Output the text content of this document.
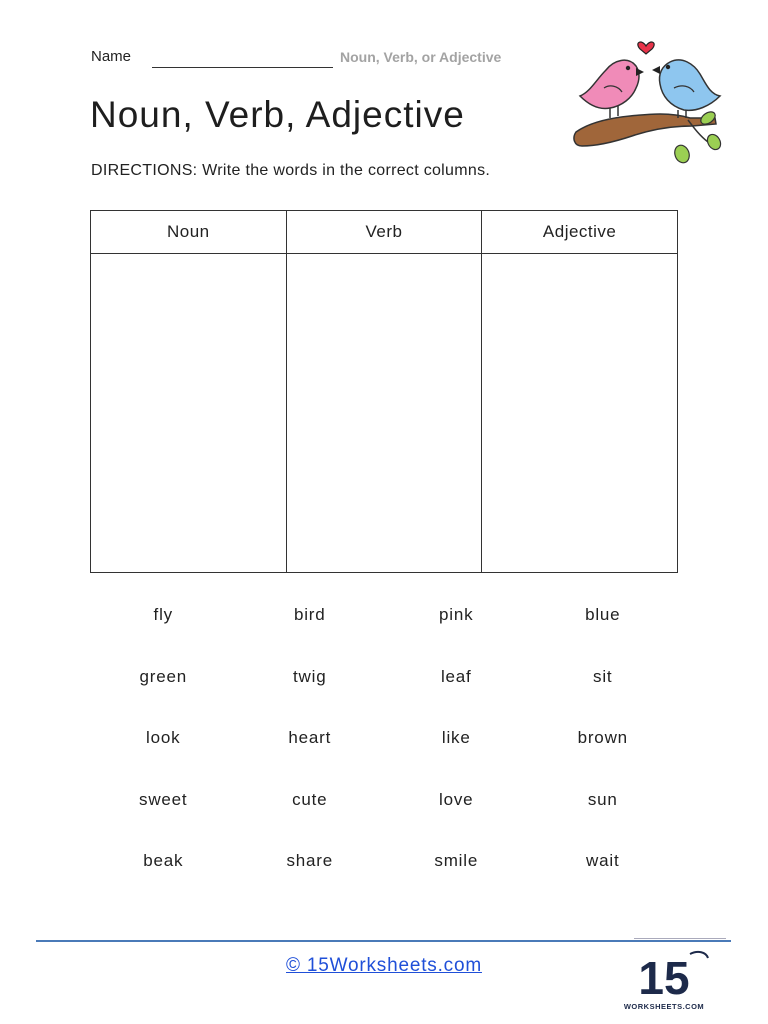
Name	Noun, Verb, or Adjective
Noun, Verb, Adjective
DIRECTIONS: Write the words in the correct columns.
Noun	Verb	Adjective

fly	bird	pink	blue
green	twig	leaf	sit
look	heart	like	brown
sweet	cute	love	sun
beak	share	smile	wait
© 15Worksheets.com	15
WORKSHEETS.COM
